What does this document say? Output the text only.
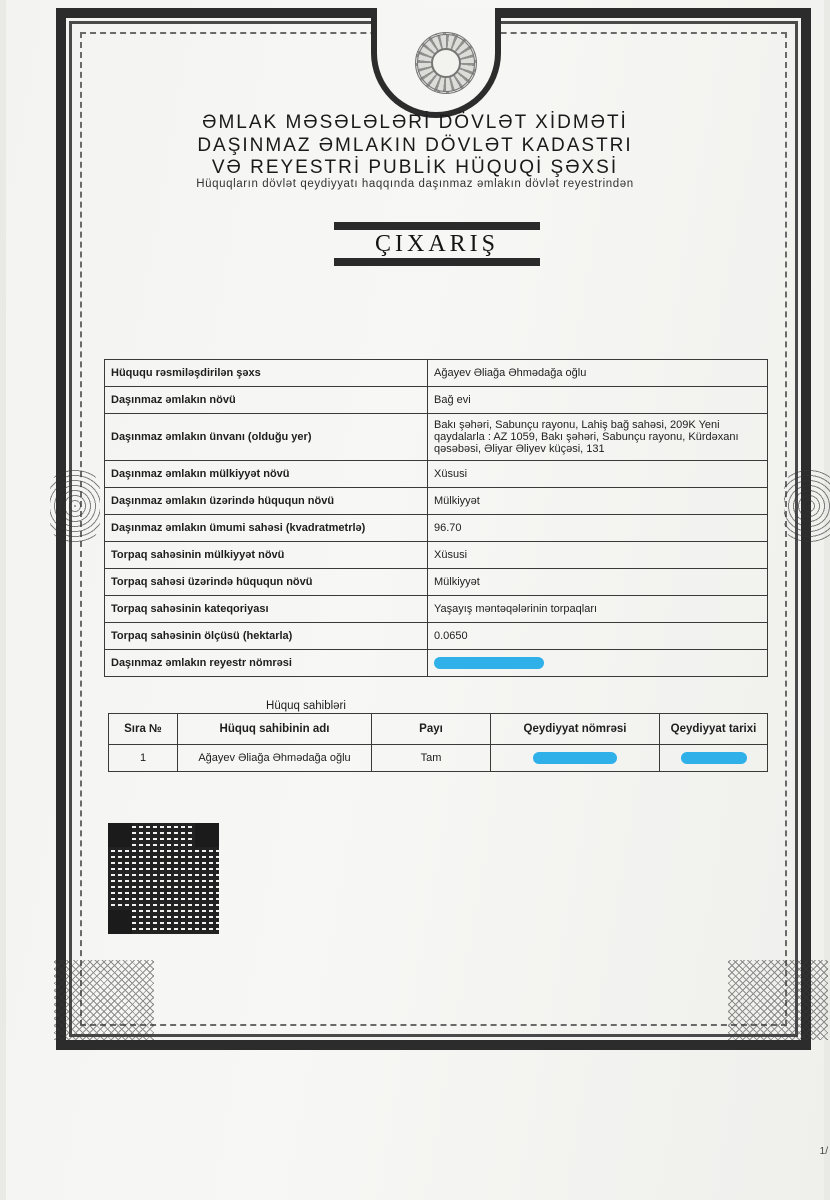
ƏMLAK MƏSƏLƏLƏRİ DÖVLƏT XİDMƏTİ
DAŞINMAZ ƏMLAKIN DÖVLƏT KADASTRI
VƏ REYESTRİ PUBLİK HÜQUQİ ŞƏXSİ
Hüquqların dövlət qeydiyyatı haqqında daşınmaz əmlakın dövlət reyestrindən
ÇIXARIŞ
Hüququ rəsmiləşdirilən şəxs	Ağayev Əliağa Əhmədağa oğlu
Daşınmaz əmlakın növü	Bağ evi
Daşınmaz əmlakın ünvanı (olduğu yer)	Bakı şəhəri, Sabunçu rayonu, Lahiş bağ sahəsi, 209K Yeni qaydalarla : AZ 1059, Bakı şəhəri, Sabunçu rayonu, Kürdəxanı qəsəbəsi, Əliyar Əliyev küçəsi, 131
Daşınmaz əmlakın mülkiyyət növü	Xüsusi
Daşınmaz əmlakın üzərində hüququn növü	Mülkiyyət
Daşınmaz əmlakın ümumi sahəsi (kvadratmetrlə)	96.70
Torpaq sahəsinin mülkiyyət növü	Xüsusi
Torpaq sahəsi üzərində hüququn növü	Mülkiyyət
Torpaq sahəsinin kateqoriyası	Yaşayış məntəqələrinin torpaqları
Torpaq sahəsinin ölçüsü (hektarla)	0.0650
Daşınmaz əmlakın reyestr nömrəsi	
Hüquq sahibləri
Sıra №	Hüquq sahibinin adı	Payı	Qeydiyyat nömrəsi	Qeydiyyat tarixi
1	Ağayev Əliağa Əhmədağa oğlu	Tam		
1/
